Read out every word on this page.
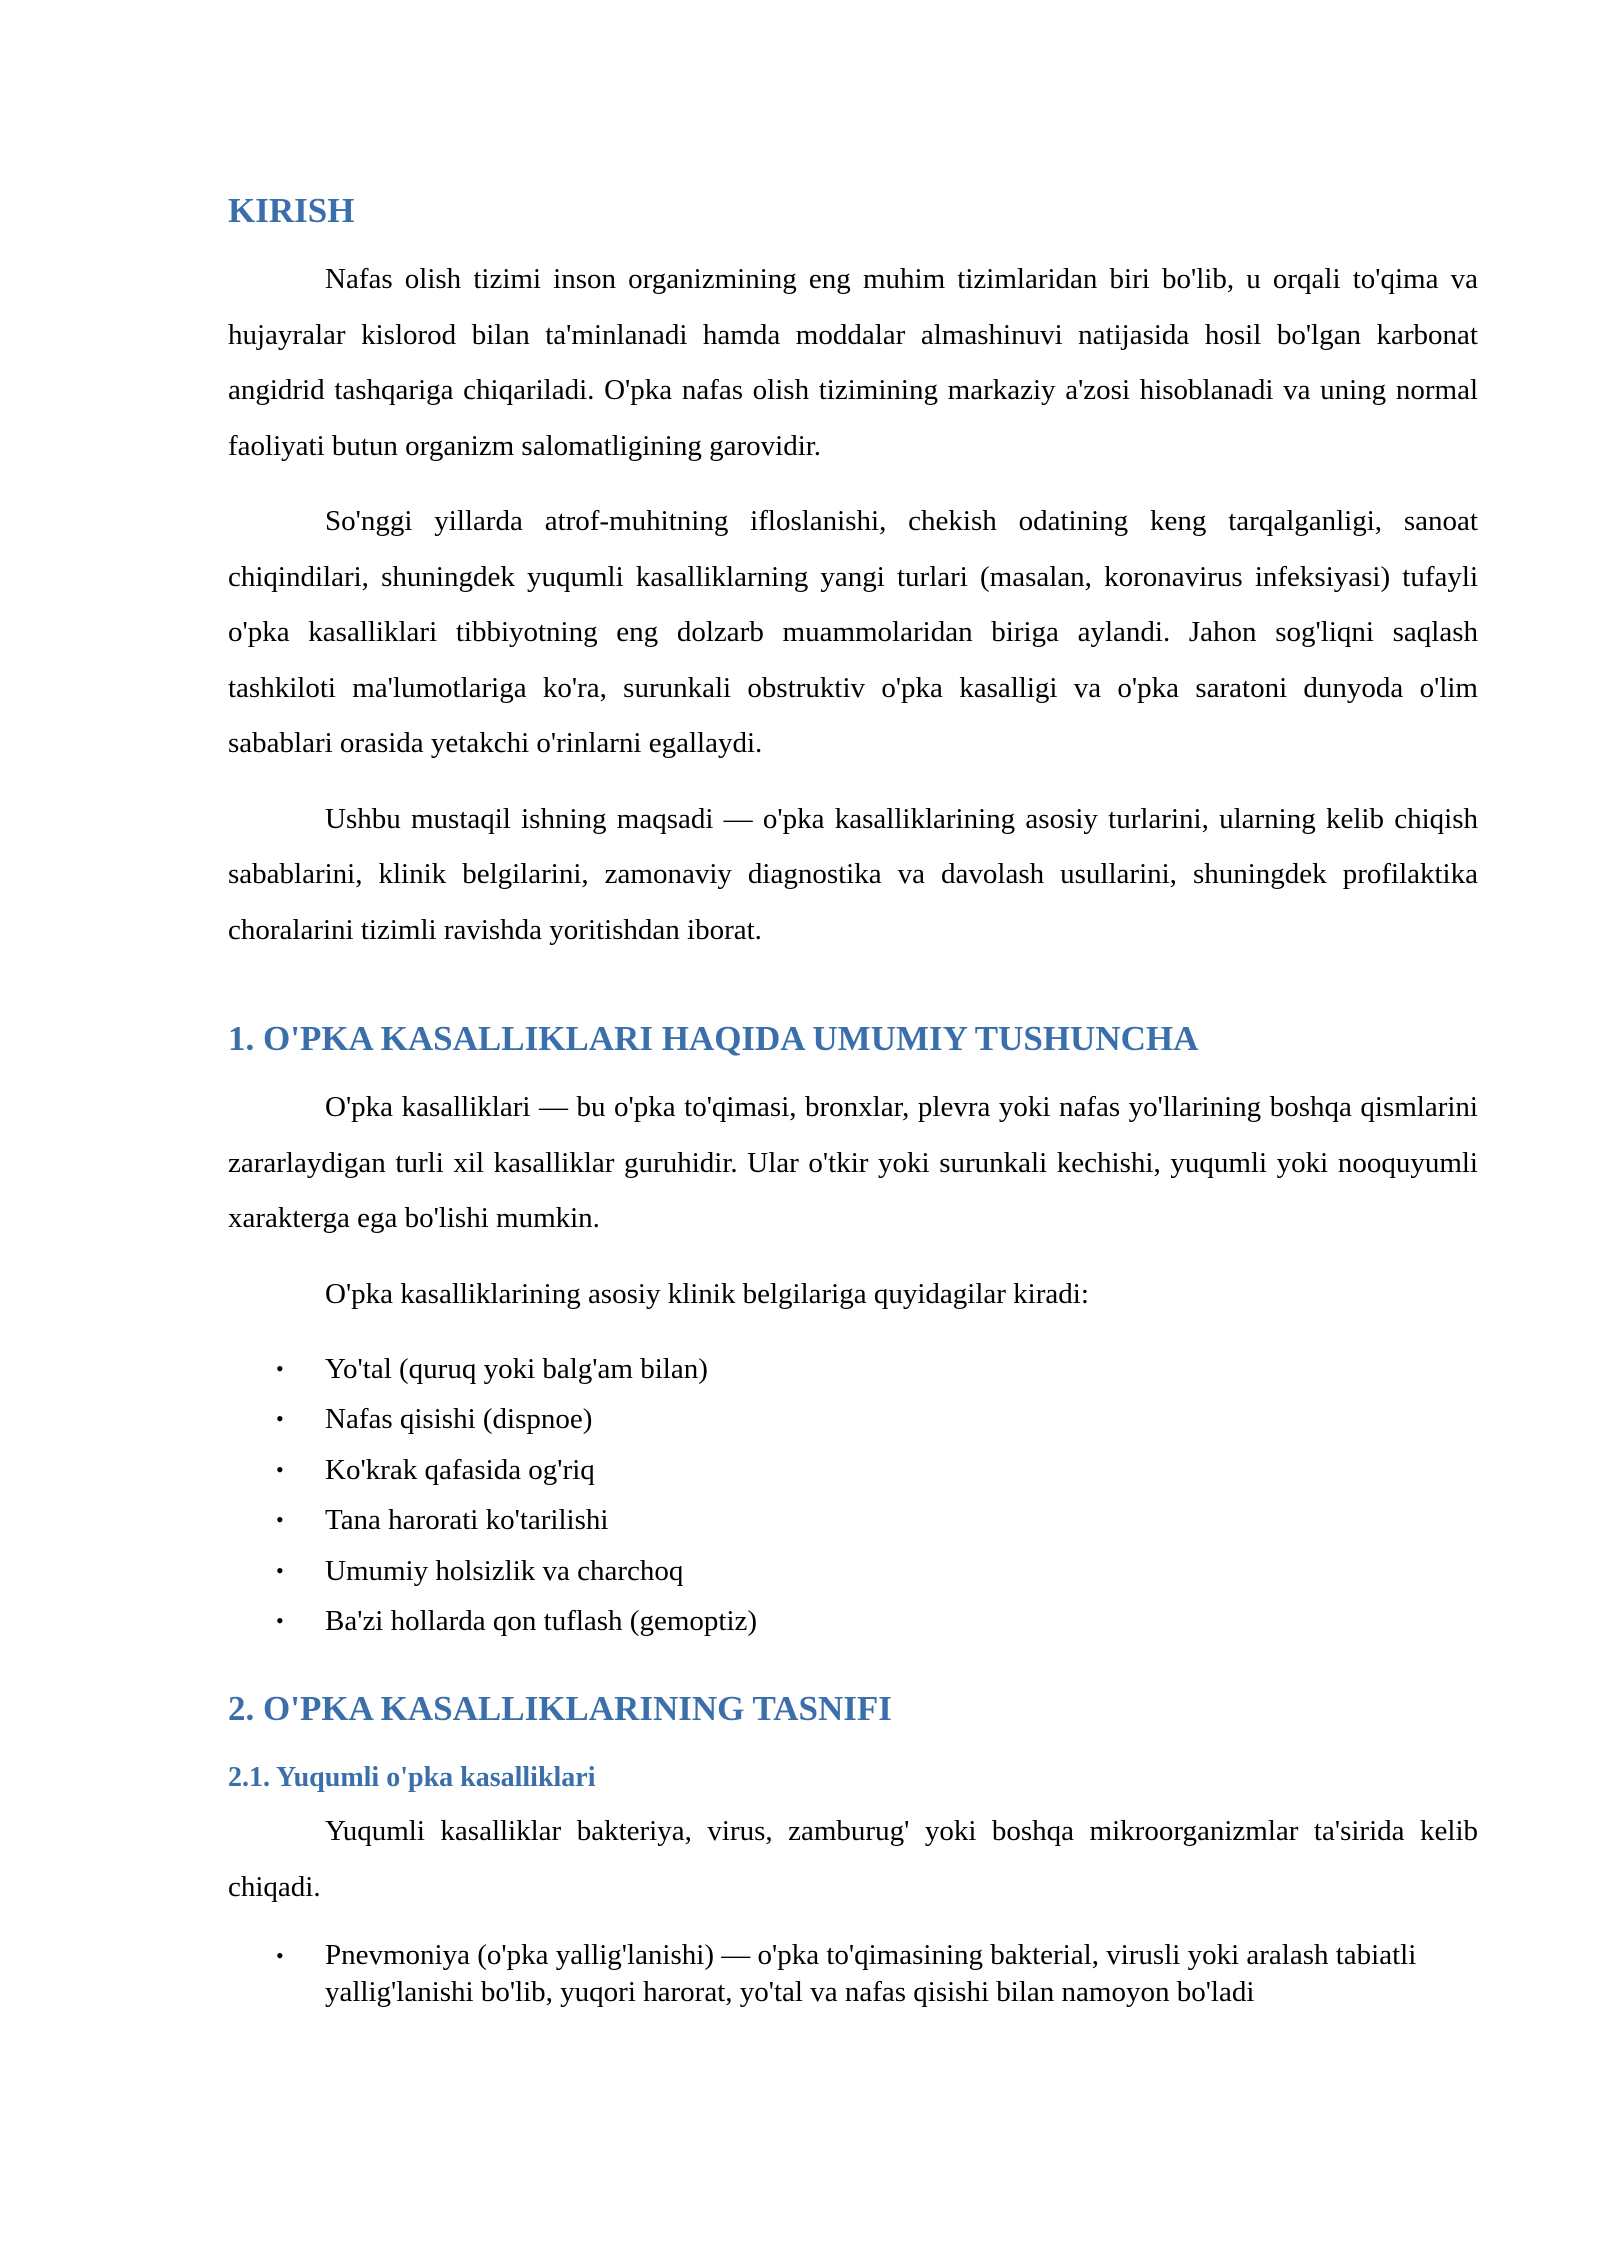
KIRISH

Nafas olish tizimi inson organizmining eng muhim tizimlaridan biri bo'lib, u orqali to'qima va hujayralar kislorod bilan ta'minlanadi hamda moddalar almashinuvi natijasida hosil bo'lgan karbonat angidrid tashqariga chiqariladi. O'pka nafas olish tizimining markaziy a'zosi hisoblanadi va uning normal faoliyati butun organizm salomatligining garovidir.

So'nggi yillarda atrof-muhitning ifloslanishi, chekish odatining keng tarqalganligi, sanoat chiqindilari, shuningdek yuqumli kasalliklarning yangi turlari (masalan, koronavirus infeksiyasi) tufayli o'pka kasalliklari tibbiyotning eng dolzarb muammolaridan biriga aylandi. Jahon sog'liqni saqlash tashkiloti ma'lumotlariga ko'ra, surunkali obstruktiv o'pka kasalligi va o'pka saratoni dunyoda o'lim sabablari orasida yetakchi o'rinlarni egallaydi.

Ushbu mustaqil ishning maqsadi — o'pka kasalliklarining asosiy turlarini, ularning kelib chiqish sabablarini, klinik belgilarini, zamonaviy diagnostika va davolash usullarini, shuningdek profilaktika choralarini tizimli ravishda yoritishdan iborat.

1. O'PKA KASALLIKLARI HAQIDA UMUMIY TUSHUNCHA

O'pka kasalliklari — bu o'pka to'qimasi, bronxlar, plevra yoki nafas yo'llarining boshqa qismlarini zararlaydigan turli xil kasalliklar guruhidir. Ular o'tkir yoki surunkali kechishi, yuqumli yoki nooquyumli xarakterga ega bo'lishi mumkin.

O'pka kasalliklarining asosiy klinik belgilariga quyidagilar kiradi:

• Yo'tal (quruq yoki balg'am bilan)
• Nafas qisishi (dispnoe)
• Ko'krak qafasida og'riq
• Tana harorati ko'tarilishi
• Umumiy holsizlik va charchoq
• Ba'zi hollarda qon tuflash (gemoptiz)
2. O'PKA KASALLIKLARINING TASNIFI
2.1. Yuqumli o'pka kasalliklari

Yuqumli kasalliklar bakteriya, virus, zamburug' yoki boshqa mikroorganizmlar ta'sirida kelib chiqadi.

• Pnevmoniya (o'pka yallig'lanishi) — o'pka to'qimasining bakterial, virusli yoki aralash tabiatli yallig'lanishi bo'lib, yuqori harorat, yo'tal va nafas qisishi bilan namoyon bo'ladi
